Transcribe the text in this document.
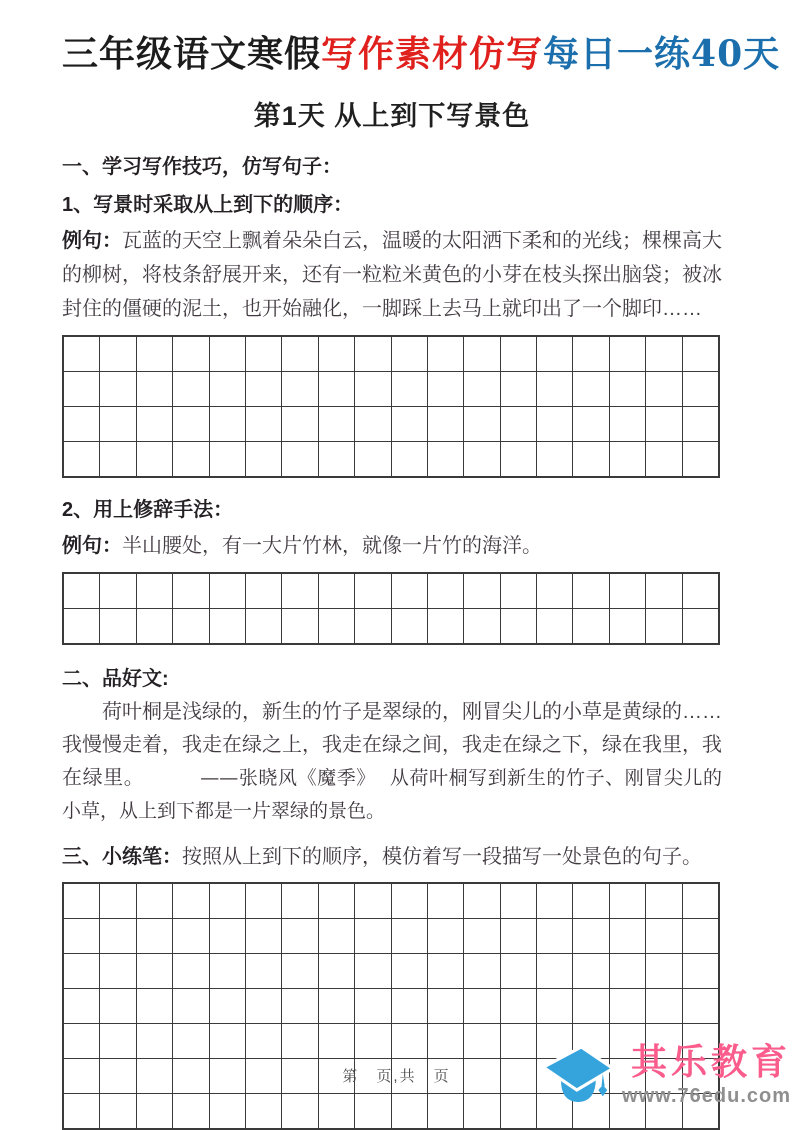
三年级语文寒假写作素材仿写每日一练40天
第1天 从上到下写景色
一、学习写作技巧，仿写句子：
1、写景时采取从上到下的顺序：

例句：瓦蓝的天空上飘着朵朵白云，温暖的太阳洒下柔和的光线；棵棵高大的柳树，将枝条舒展开来，还有一粒粒米黄色的小芽在枝头探出脑袋；被冰封住的僵硬的泥土，也开始融化，一脚踩上去马上就印出了一个脚印……

2、用上修辞手法：

例句：半山腰处，有一大片竹林，就像一片竹的海洋。

二、品好文:

荷叶桐是浅绿的，新生的竹子是翠绿的，刚冒尖儿的小草是黄绿的……我慢慢走着，我走在绿之上，我走在绿之间，我走在绿之下，绿在我里，我在绿里。	——张晓风《魔季》 从荷叶桐写到新生的竹子、刚冒尖儿的小草，从上到下都是一片翠绿的景色。

三、小练笔：按照从上到下的顺序，模仿着写一段描写一处景色的句子。

第　页,共　页	其乐教育
www.76edu.com
